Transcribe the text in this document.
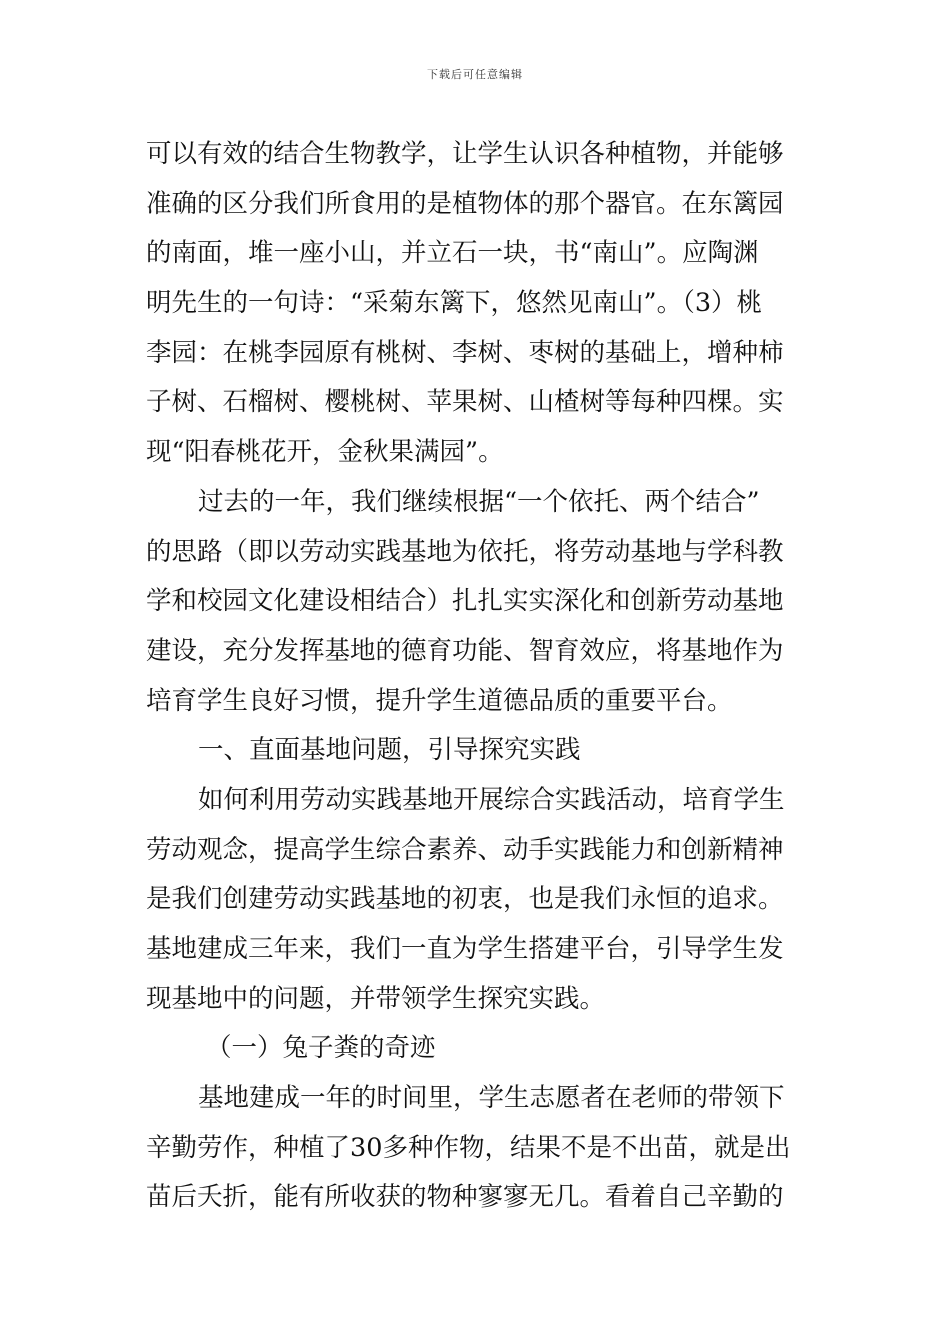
下载后可任意编辑
可以有效的结合生物教学，让学生认识各种植物，并能够
准确的区分我们所食用的是植物体的那个器官。在东篱园
的南面，堆一座小山，并立石一块，书“南山”。应陶渊
明先生的一句诗：“采菊东篱下，悠然见南山”。（3）桃
李园：在桃李园原有桃树、李树、枣树的基础上，增种柿
子树、石榴树、樱桃树、苹果树、山楂树等每种四棵。实
现“阳春桃花开，金秋果满园”。
过去的一年，我们继续根据“一个依托、两个结合”
的思路（即以劳动实践基地为依托，将劳动基地与学科教
学和校园文化建设相结合）扎扎实实深化和创新劳动基地
建设，充分发挥基地的德育功能、智育效应，将基地作为
培育学生良好习惯，提升学生道德品质的重要平台。
一、直面基地问题，引导探究实践
如何利用劳动实践基地开展综合实践活动，培育学生
劳动观念，提高学生综合素养、动手实践能力和创新精神
是我们创建劳动实践基地的初衷，也是我们永恒的追求。
基地建成三年来，我们一直为学生搭建平台，引导学生发
现基地中的问题，并带领学生探究实践。
（一）兔子粪的奇迹
基地建成一年的时间里，学生志愿者在老师的带领下
辛勤劳作，种植了30多种作物，结果不是不出苗，就是出
苗后夭折，能有所收获的物种寥寥无几。看着自己辛勤的
